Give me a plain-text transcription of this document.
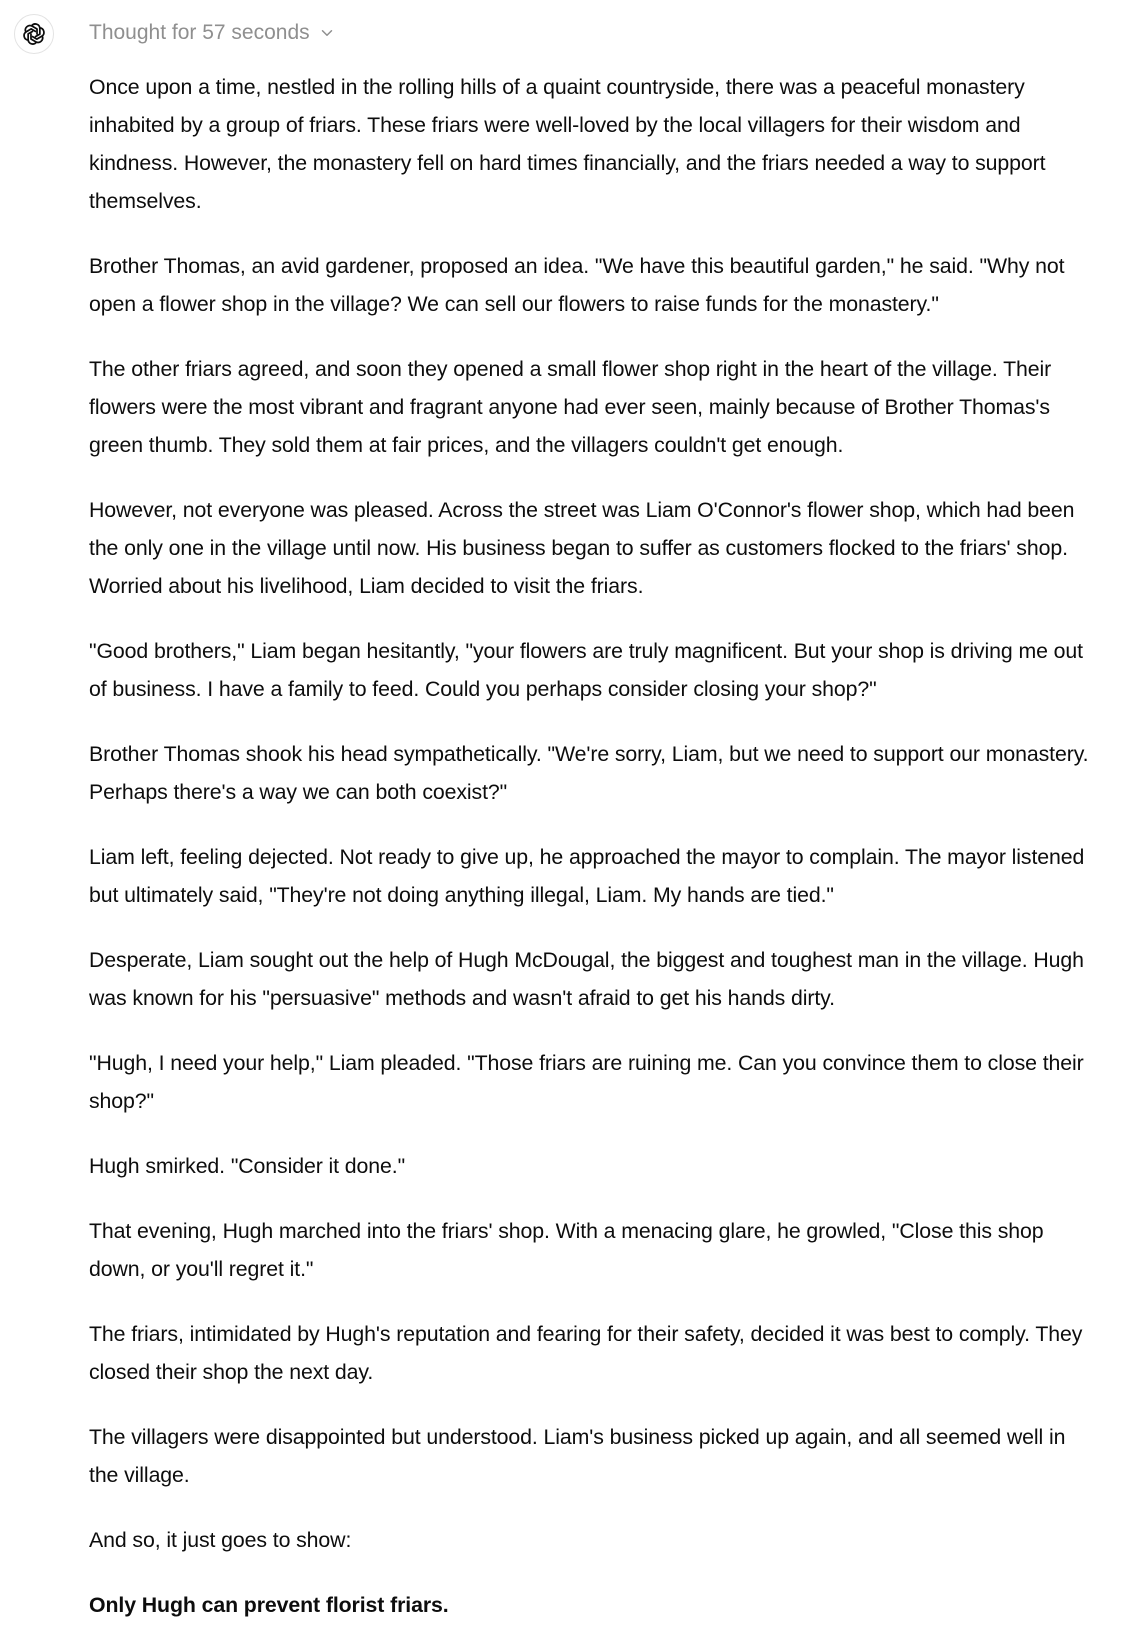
Thought for 57 seconds

Once upon a time, nestled in the rolling hills of a quaint countryside, there was a peaceful monastery inhabited by a group of friars. These friars were well-loved by the local villagers for their wisdom and kindness. However, the monastery fell on hard times financially, and the friars needed a way to support themselves.

Brother Thomas, an avid gardener, proposed an idea. "We have this beautiful garden," he said. "Why not open a flower shop in the village? We can sell our flowers to raise funds for the monastery."

The other friars agreed, and soon they opened a small flower shop right in the heart of the village. Their flowers were the most vibrant and fragrant anyone had ever seen, mainly because of Brother Thomas's green thumb. They sold them at fair prices, and the villagers couldn't get enough.

However, not everyone was pleased. Across the street was Liam O'Connor's flower shop, which had been the only one in the village until now. His business began to suffer as customers flocked to the friars' shop. Worried about his livelihood, Liam decided to visit the friars.

"Good brothers," Liam began hesitantly, "your flowers are truly magnificent. But your shop is driving me out of business. I have a family to feed. Could you perhaps consider closing your shop?"

Brother Thomas shook his head sympathetically. "We're sorry, Liam, but we need to support our monastery. Perhaps there's a way we can both coexist?"

Liam left, feeling dejected. Not ready to give up, he approached the mayor to complain. The mayor listened but ultimately said, "They're not doing anything illegal, Liam. My hands are tied."

Desperate, Liam sought out the help of Hugh McDougal, the biggest and toughest man in the village. Hugh was known for his "persuasive" methods and wasn't afraid to get his hands dirty.

"Hugh, I need your help," Liam pleaded. "Those friars are ruining me. Can you convince them to close their shop?"

Hugh smirked. "Consider it done."

That evening, Hugh marched into the friars' shop. With a menacing glare, he growled, "Close this shop down, or you'll regret it."

The friars, intimidated by Hugh's reputation and fearing for their safety, decided it was best to comply. They closed their shop the next day.

The villagers were disappointed but understood. Liam's business picked up again, and all seemed well in the village.

And so, it just goes to show:

Only Hugh can prevent florist friars.
